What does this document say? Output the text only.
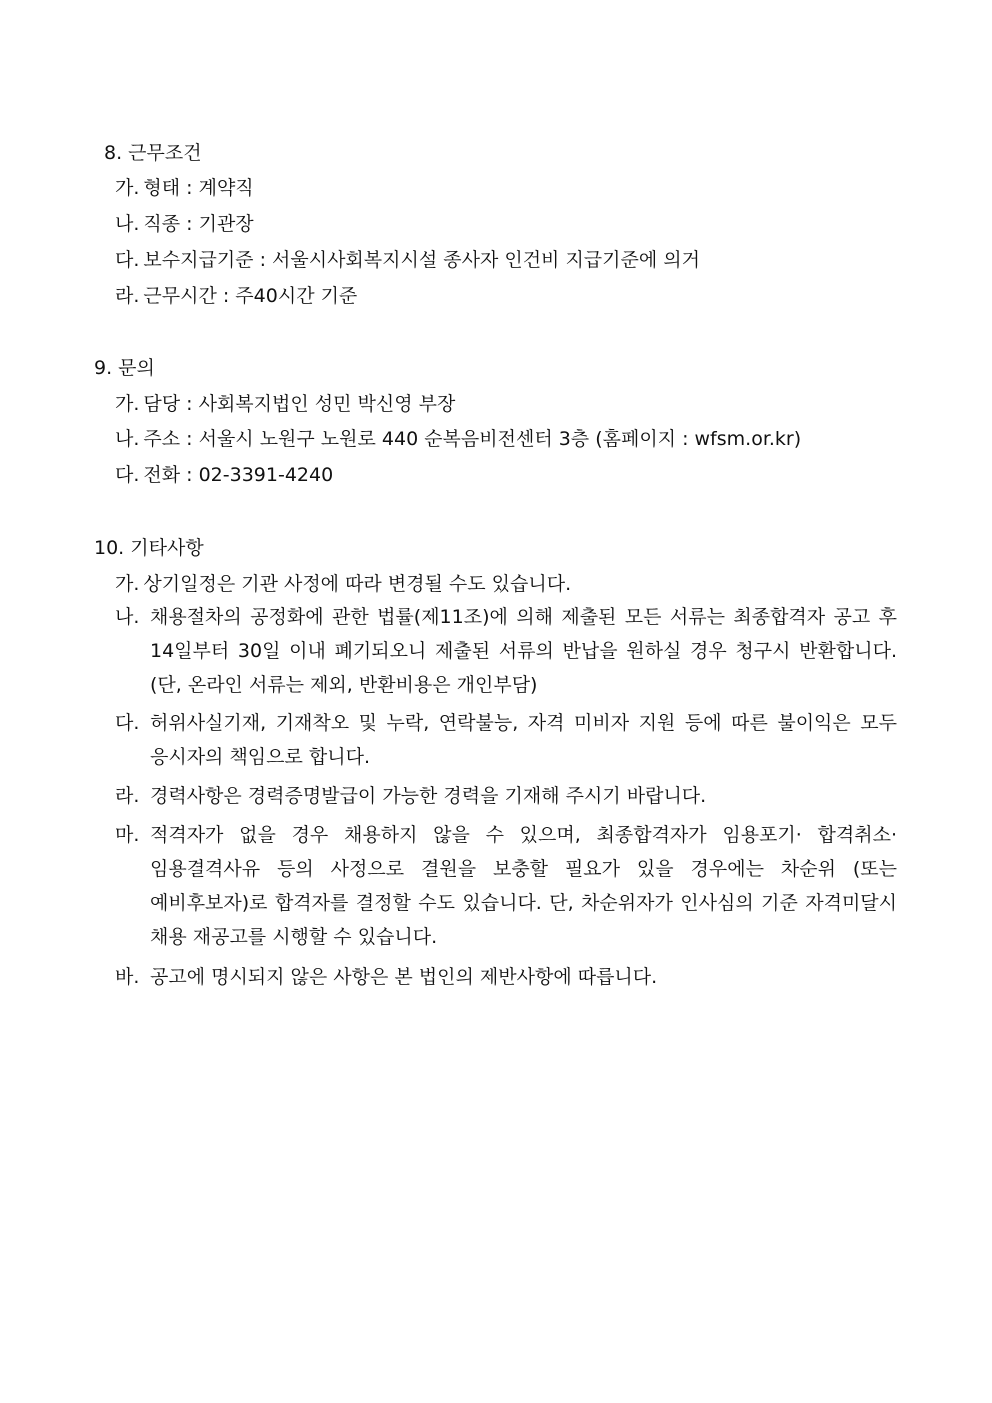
8. 근무조건
가. 형태 : 계약직
나. 직종 : 기관장
다. 보수지급기준 : 서울시사회복지시설 종사자 인건비 지급기준에 의거
라. 근무시간 : 주40시간 기준
9. 문의
가. 담당 : 사회복지법인 성민 박신영 부장
나. 주소 : 서울시 노원구 노원로 440 순복음비전센터 3층 (홈페이지 : wfsm.or.kr)
다. 전화 : 02-3391-4240
10. 기타사항
가. 상기일정은 기관 사정에 따라 변경될 수도 있습니다.
나. 채용절차의 공정화에 관한 법률(제11조)에 의해 제출된 모든 서류는 최종합격자 공고 후 14일부터 30일 이내 폐기되오니 제출된 서류의 반납을 원하실 경우 청구시 반환합니다. (단, 온라인 서류는 제외, 반환비용은 개인부담)
다. 허위사실기재, 기재착오 및 누락, 연락불능, 자격 미비자 지원 등에 따른 불이익은 모두 응시자의 책임으로 합니다.
라. 경력사항은 경력증명발급이 가능한 경력을 기재해 주시기 바랍니다.
마. 적격자가 없을 경우 채용하지 않을 수 있으며, 최종합격자가 임용포기· 합격취소· 임용결격사유 등의 사정으로 결원을 보충할 필요가 있을 경우에는 차순위 (또는 예비후보자)로 합격자를 결정할 수도 있습니다. 단, 차순위자가 인사심의 기준 자격미달시 채용 재공고를 시행할 수 있습니다.
바. 공고에 명시되지 않은 사항은 본 법인의 제반사항에 따릅니다.
